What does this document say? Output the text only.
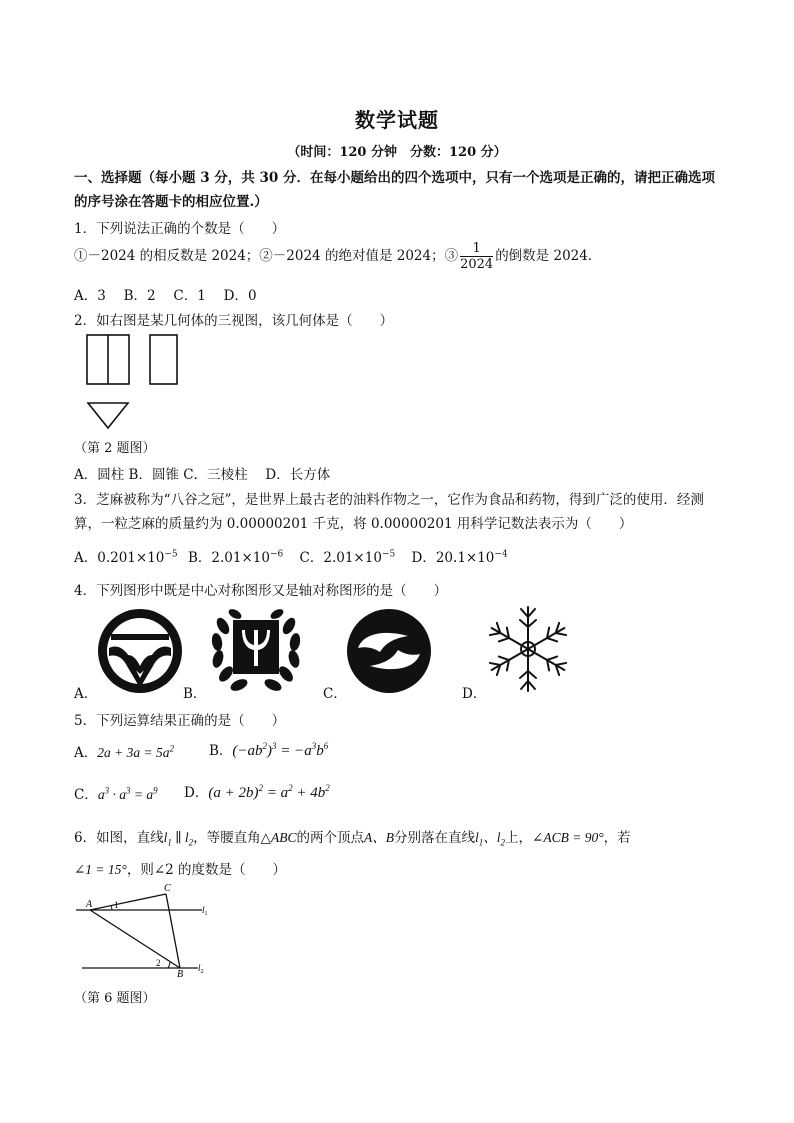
数学试题
（时间：120 分钟　分数：120 分）
一、选择题（每小题 3 分，共 30 分．在每小题给出的四个选项中，只有一个选项是正确的，请把正确选项
的序号涂在答题卡的相应位置.）
1．下列说法正确的个数是（　　）
①－2024 的相反数是 2024；②－2024 的绝对值是 2024；③ $\frac{1}{2024}$ 的倒数是 2024．
A．3　 B．2　 C．1　 D．0
2．如右图是某几何体的三视图，该几何体是（　　）
（第 2 题图）
A．圆柱 B．圆锥 C．三棱柱　 D．长方体
3．芝麻被称为“八谷之冠”，是世界上最古老的油料作物之一，它作为食品和药物，得到广泛的使用．经测
算，一粒芝麻的质量约为 0.00000201 千克，将 0.00000201 用科学记数法表示为（　　）
A．$0.201\times 10^{-5}$ B．$2.01\times 10^{-6}$ C．$2.01\times 10^{-5}$ D．$20.1\times 10^{-4}$
4．下列图形中既是中心对称图形又是轴对称图形的是（　　）
A．	B．	C．	D．
5．下列运算结果正确的是（　　）
A．$2a + 3a = 5a^2$	B．$(-ab^2)^3 = -a^3b^6$
C．$a^3 \cdot a^3 = a^9$ D．$(a + 2b)^2 = a^2 + 4b^2$
6．如图，直线$l_1$ ∥ $l_2$，等腰直角△ABC的两个顶点A、B分别落在直线$l_1$、$l_2$上，∠ACB = 90°，若
∠1 = 15°，则∠2 的度数是（　　）
A
C
B
1
2
$l_1$
$l_2$
（第 6 题图）
